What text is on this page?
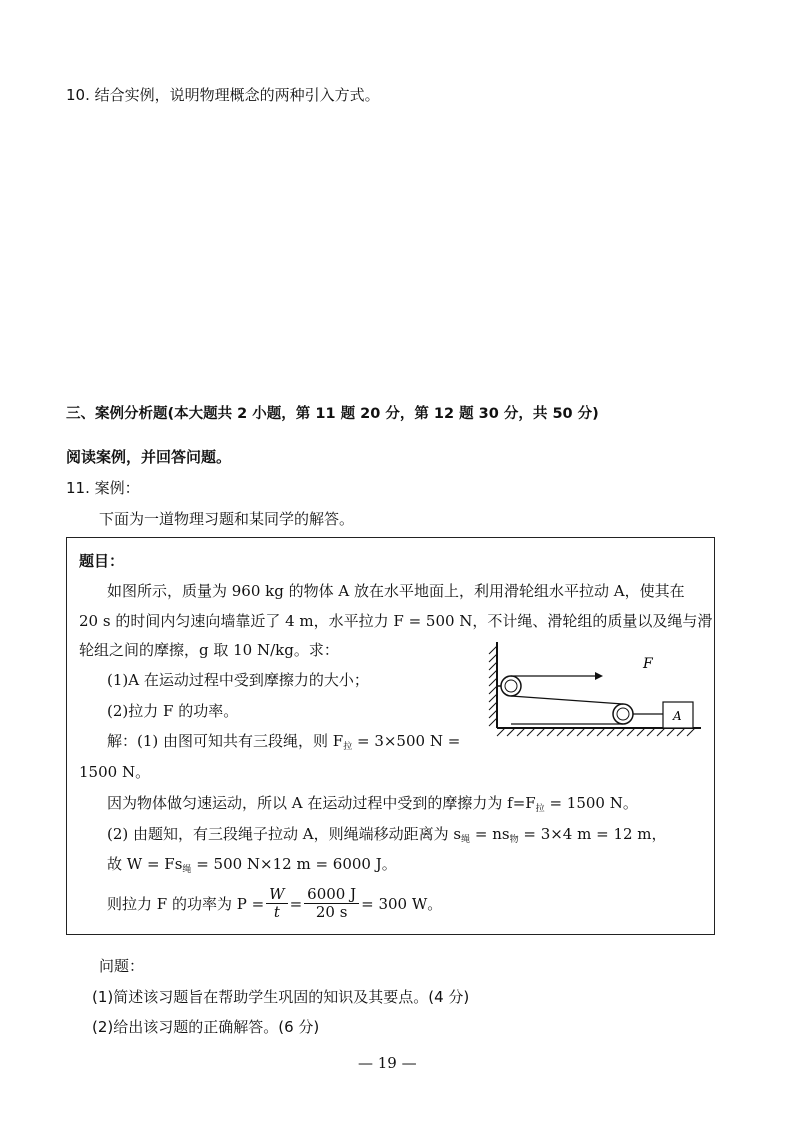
10. 结合实例，说明物理概念的两种引入方式。
三、案例分析题(本大题共 2 小题，第 11 题 20 分，第 12 题 30 分，共 50 分)
阅读案例，并回答问题。
11. 案例：
下面为一道物理习题和某同学的解答。
题目：
如图所示，质量为 960 kg 的物体 A 放在水平地面上，利用滑轮组水平拉动 A，使其在
20 s 的时间内匀速向墙靠近了 4 m，水平拉力 F = 500 N，不计绳、滑轮组的质量以及绳与滑
轮组之间的摩擦，g 取 10 N/kg。求：
(1)A 在运动过程中受到摩擦力的大小；
(2)拉力 F 的功率。
解：(1) 由图可知共有三段绳，则 $F_拉 = 3\times 500$ N =
1500 N。
因为物体做匀速运动，所以 A 在运动过程中受到的摩擦力为 $f=F_拉 = 1500$ N。
(2) 由题知，有三段绳子拉动 A，则绳端移动距离为 $s_绳 = ns_物 = 3\times 4$ m = 12 m，
故 $W = Fs_绳 = 500$ N×12 m = 6000 J。
则拉力 F 的功率为 $P = \frac{W}{t} = \frac{6000 J}{20 s} = 300$ W。
F
A
问题：
(1)简述该习题旨在帮助学生巩固的知识及其要点。(4 分)
(2)给出该习题的正确解答。(6 分)
— 19 —
